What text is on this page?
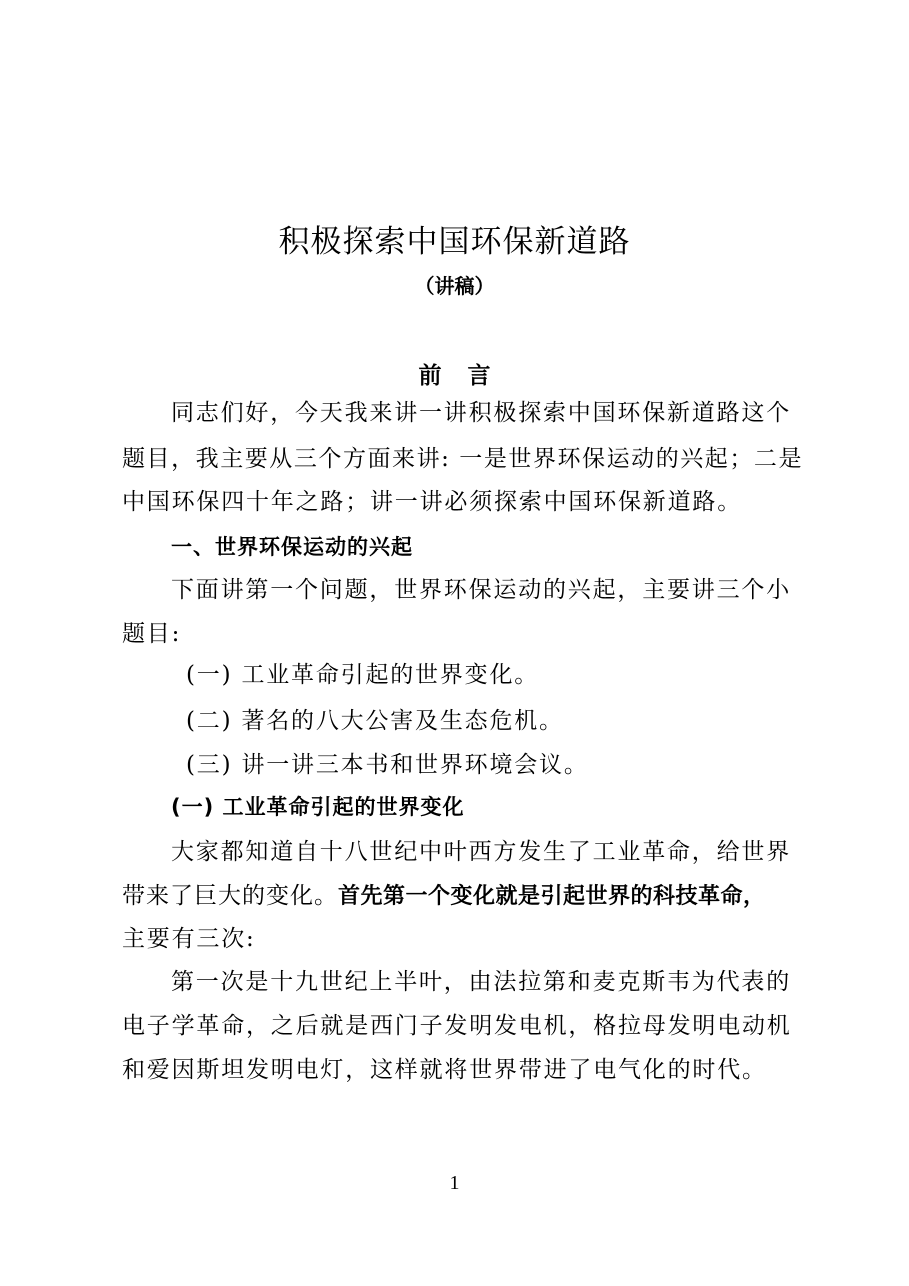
积极探索中国环保新道路
（讲稿）
前言
同志们好，今天我来讲一讲积极探索中国环保新道路这个
题目，我主要从三个方面来讲: 一是世界环保运动的兴起；二是
中国环保四十年之路；讲一讲必须探索中国环保新道路。
一、世界环保运动的兴起
下面讲第一个问题，世界环保运动的兴起，主要讲三个小
题目:
(一) 工业革命引起的世界变化。
(二) 著名的八大公害及生态危机。
(三) 讲一讲三本书和世界环境会议。
(一) 工业革命引起的世界变化
大家都知道自十八世纪中叶西方发生了工业革命，给世界
带来了巨大的变化。首先第一个变化就是引起世界的科技革命，
主要有三次:
第一次是十九世纪上半叶，由法拉第和麦克斯韦为代表的
电子学革命，之后就是西门子发明发电机，格拉母发明电动机
和爱因斯坦发明电灯，这样就将世界带进了电气化的时代。
1
